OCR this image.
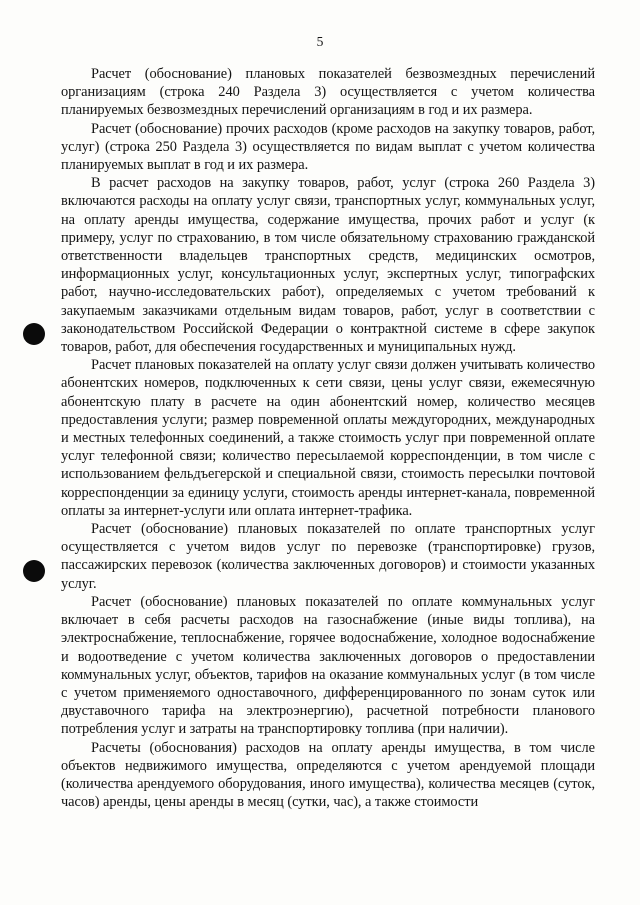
5

Расчет (обоснование) плановых показателей безвозмездных перечислений организациям (строка 240 Раздела 3) осуществляется с учетом количества планируемых безвозмездных перечислений организациям в год и их размера.

Расчет (обоснование) прочих расходов (кроме расходов на закупку товаров, работ, услуг) (строка 250 Раздела 3) осуществляется по видам выплат с учетом количества планируемых выплат в год и их размера.

В расчет расходов на закупку товаров, работ, услуг (строка 260 Раздела 3) включаются расходы на оплату услуг связи, транспортных услуг, коммунальных услуг, на оплату аренды имущества, содержание имущества, прочих работ и услуг (к примеру, услуг по страхованию, в том числе обязательному страхованию гражданской ответственности владельцев транспортных средств, медицинских осмотров, информационных услуг, консультационных услуг, экспертных услуг, типографских работ, научно-исследовательских работ), определяемых с учетом требований к закупаемым заказчиками отдельным видам товаров, работ, услуг в соответствии с законодательством Российской Федерации о контрактной системе в сфере закупок товаров, работ, для обеспечения государственных и муниципальных нужд.

Расчет плановых показателей на оплату услуг связи должен учитывать количество абонентских номеров, подключенных к сети связи, цены услуг связи, ежемесячную абонентскую плату в расчете на один абонентский номер, количество месяцев предоставления услуги; размер повременной оплаты междугородних, международных и местных телефонных соединений, а также стоимость услуг при повременной оплате услуг телефонной связи; количество пересылаемой корреспонденции, в том числе с использованием фельдъегерской и специальной связи, стоимость пересылки почтовой корреспонденции за единицу услуги, стоимость аренды интернет-канала, повременной оплаты за интернет-услуги или оплата интернет-трафика.

Расчет (обоснование) плановых показателей по оплате транспортных услуг осуществляется с учетом видов услуг по перевозке (транспортировке) грузов, пассажирских перевозок (количества заключенных договоров) и стоимости указанных услуг.

Расчет (обоснование) плановых показателей по оплате коммунальных услуг включает в себя расчеты расходов на газоснабжение (иные виды топлива), на электроснабжение, теплоснабжение, горячее водоснабжение, холодное водоснабжение и водоотведение с учетом количества заключенных договоров о предоставлении коммунальных услуг, объектов, тарифов на оказание коммунальных услуг (в том числе с учетом применяемого одноставочного, дифференцированного по зонам суток или двуставочного тарифа на электроэнергию), расчетной потребности планового потребления услуг и затраты на транспортировку топлива (при наличии).

Расчеты (обоснования) расходов на оплату аренды имущества, в том числе объектов недвижимого имущества, определяются с учетом арендуемой площади (количества арендуемого оборудования, иного имущества), количества месяцев (суток, часов) аренды, цены аренды в месяц (сутки, час), а также стоимости
